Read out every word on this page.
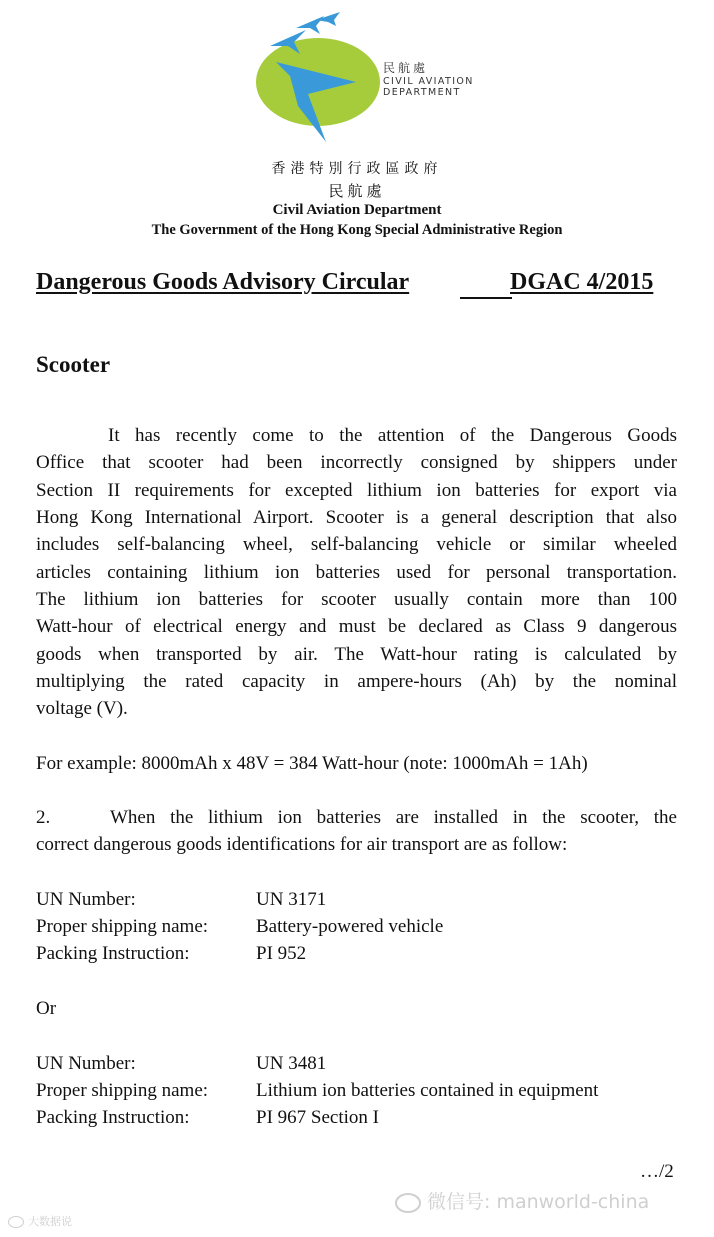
民航處
CIVIL AVIATION
DEPARTMENT
香港特別行政區政府
民航處
Civil Aviation Department
The Government of the Hong Kong Special Administrative Region
Dangerous Goods Advisory Circular	DGAC 4/2015
Scooter
It has recently come to the attention of the Dangerous Goods
Office that scooter had been incorrectly consigned by shippers under
Section II requirements for excepted lithium ion batteries for export via
Hong Kong International Airport. Scooter is a general description that also
includes self-balancing wheel, self-balancing vehicle or similar wheeled
articles containing lithium ion batteries used for personal transportation.
The lithium ion batteries for scooter usually contain more than 100
Watt-hour of electrical energy and must be declared as Class 9 dangerous
goods when transported by air. The Watt-hour rating is calculated by
multiplying the rated capacity in ampere-hours (Ah) by the nominal
voltage (V).
For example: 8000mAh x 48V = 384 Watt-hour (note: 1000mAh = 1Ah)
2.	When the lithium ion batteries are installed in the scooter, the
correct dangerous goods identifications for air transport are as follow:
UN Number:	UN 3171
Proper shipping name:	Battery-powered vehicle
Packing Instruction:	PI 952
Or
UN Number:	UN 3481
Proper shipping name:	Lithium ion batteries contained in equipment
Packing Instruction:	PI 967 Section I
…/2
微信号: manworld-china
大数据说
